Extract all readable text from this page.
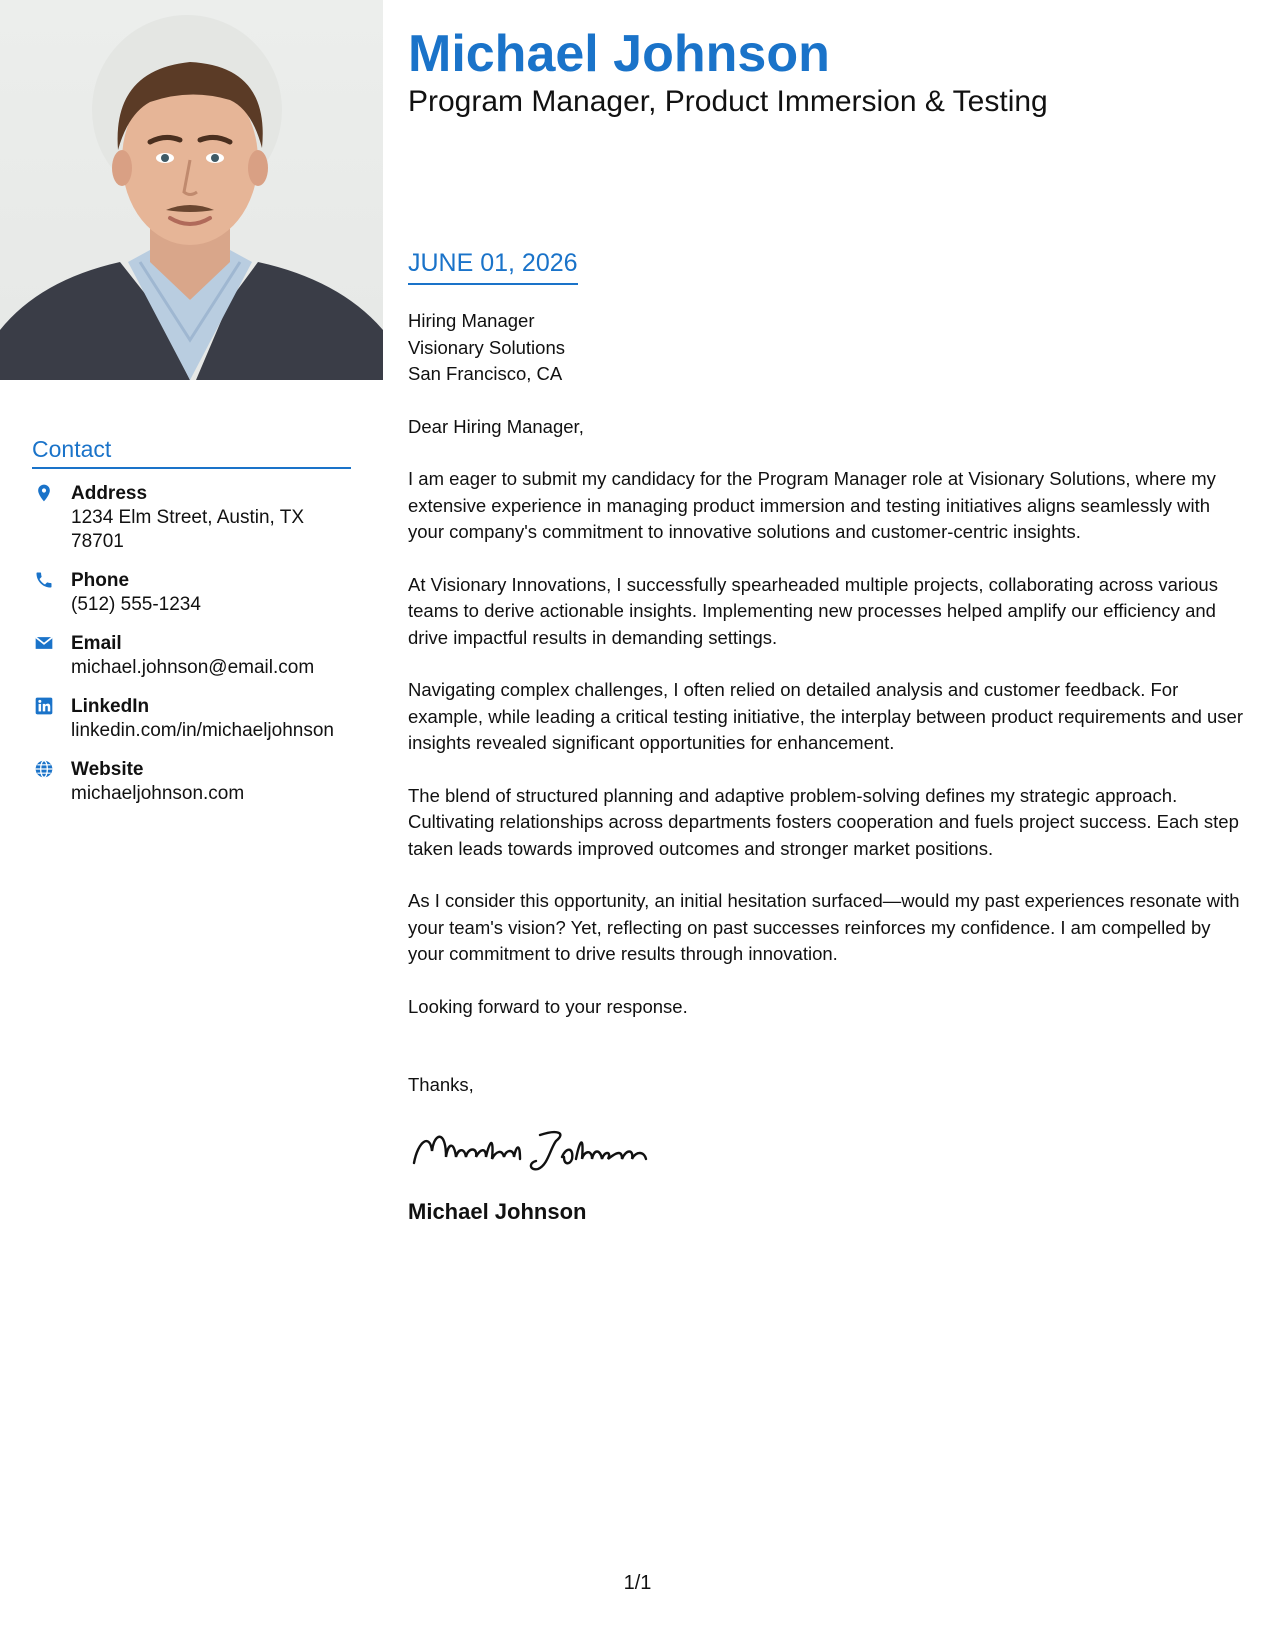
Contact
Address
1234 Elm Street, Austin, TX 78701
Phone
(512) 555-1234
Email
michael.johnson@email.com
LinkedIn
linkedin.com/in/michaeljohnson
Website
michaeljohnson.com
Michael Johnson
Program Manager, Product Immersion & Testing
JUNE 01, 2026
Hiring Manager
Visionary Solutions
San Francisco, CA

Dear Hiring Manager,

I am eager to submit my candidacy for the Program Manager role at Visionary Solutions, where my extensive experience in managing product immersion and testing initiatives aligns seamlessly with your company's commitment to innovative solutions and customer-centric insights.

At Visionary Innovations, I successfully spearheaded multiple projects, collaborating across various teams to derive actionable insights. Implementing new processes helped amplify our efficiency and drive impactful results in demanding settings.

Navigating complex challenges, I often relied on detailed analysis and customer feedback. For example, while leading a critical testing initiative, the interplay between product requirements and user insights revealed significant opportunities for enhancement.

The blend of structured planning and adaptive problem-solving defines my strategic approach. Cultivating relationships across departments fosters cooperation and fuels project success. Each step taken leads towards improved outcomes and stronger market positions.

As I consider this opportunity, an initial hesitation surfaced—would my past experiences resonate with your team's vision? Yet, reflecting on past successes reinforces my confidence. I am compelled by your commitment to drive results through innovation.

Looking forward to your response.

Thanks,

Michael Johnson
1/1
